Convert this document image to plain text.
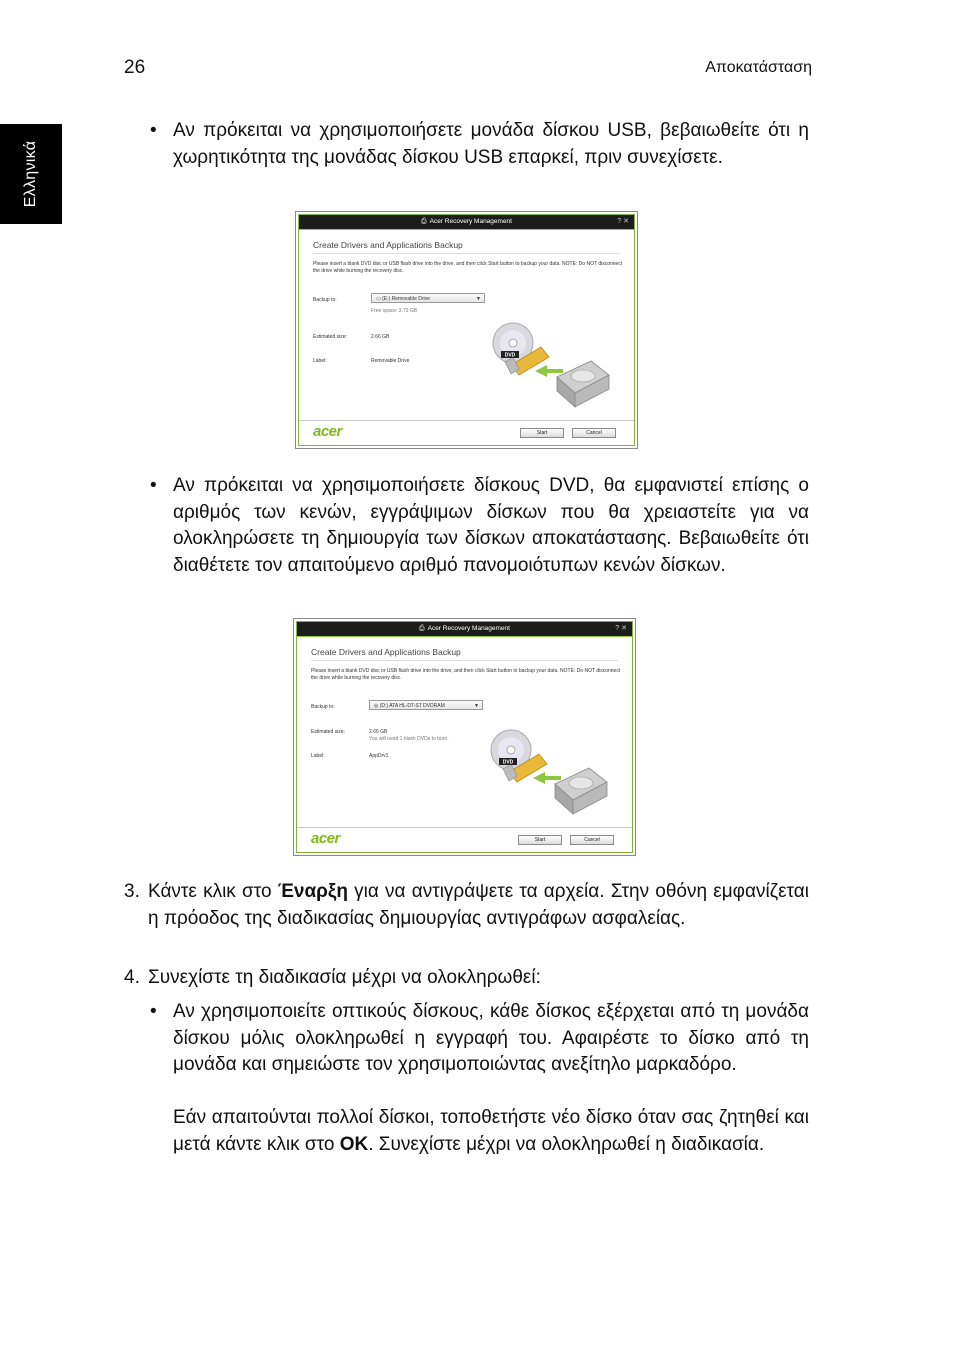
26	Αποκατάσταση
Ελληνικά
• Αν πρόκειται να χρησιμοποιήσετε μονάδα δίσκου USB, βεβαιωθείτε ότι η χωρητικότητα της μονάδας δίσκου USB επαρκεί, πριν συνεχίσετε.

⎙ Acer Recovery Management	? ✕
Create Drivers and Applications Backup
Please insert a blank DVD disc or USB flash drive into the drive, and then click Start button to backup your data. NOTE: Do NOT disconnect the drive while burning the recovery disc.
Backup to:	▭ (E:) Removable Drive	▼
Free space: 3.72 GB
Estimated size:	2.66 GB
Label:	Removable Drive
DVD
acer	Start	Cancel
• Αν πρόκειται να χρησιμοποιήσετε δίσκους DVD, θα εμφανιστεί επίσης ο αριθμός των κενών, εγγράψιμων δίσκων που θα χρειαστείτε για να ολοκληρώσετε τη δημιουργία των δίσκων αποκατάστασης. Βεβαιωθείτε ότι διαθέτετε τον απαιτούμενο αριθμό πανομοιότυπων κενών δίσκων.

⎙ Acer Recovery Management	? ✕
Create Drivers and Applications Backup
Please insert a blank DVD disc or USB flash drive into the drive, and then click Start button to backup your data. NOTE: Do NOT disconnect the drive while burning the recovery disc.
Backup to:	◎ (D:) ATA HL-DT-ST DVDRAM	▼
Estimated size:	2.66 GB
You will need 1 blank DVDs to burn.
Label:	AppDrv1
DVD
acer	Start	Cancel
3. Κάντε κλικ στο Έναρξη για να αντιγράψετε τα αρχεία. Στην οθόνη εμφανίζεται η πρόοδος της διαδικασίας δημιουργίας αντιγράφων ασφαλείας.

4. Συνεχίστε τη διαδικασία μέχρι να ολοκληρωθεί:

• Αν χρησιμοποιείτε οπτικούς δίσκους, κάθε δίσκος εξέρχεται από τη μονάδα δίσκου μόλις ολοκληρωθεί η εγγραφή του. Αφαιρέστε το δίσκο από τη μονάδα και σημειώστε τον χρησιμοποιώντας ανεξίτηλο μαρκαδόρο.

Εάν απαιτούνται πολλοί δίσκοι, τοποθετήστε νέο δίσκο όταν σας ζητηθεί και μετά κάντε κλικ στο OK. Συνεχίστε μέχρι να ολοκληρωθεί η διαδικασία.
